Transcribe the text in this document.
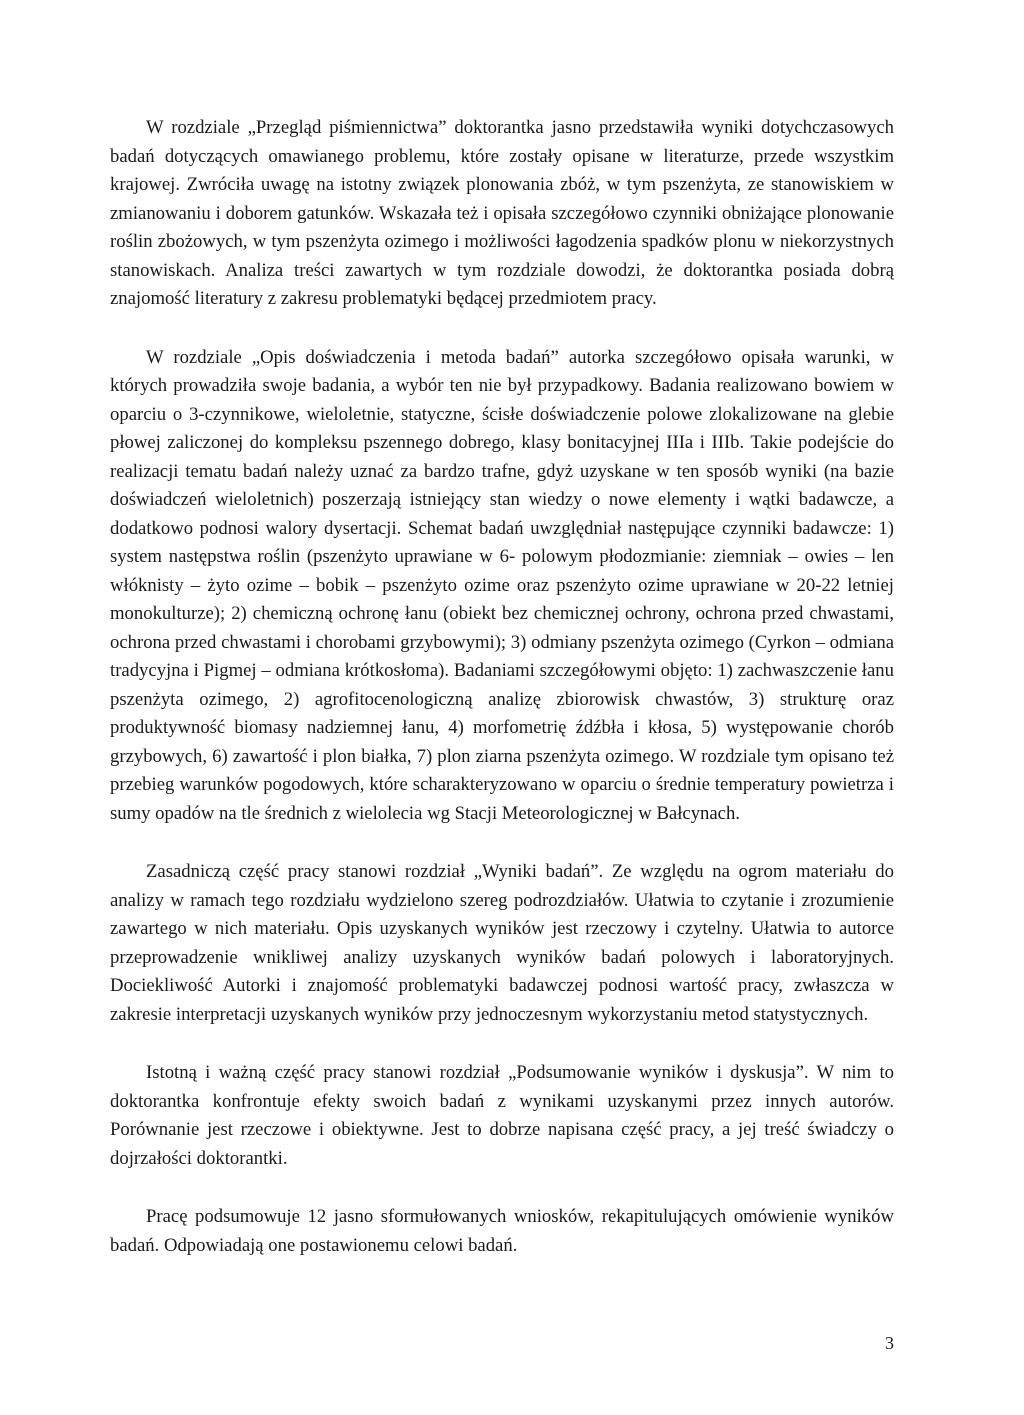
W rozdziale „Przegląd piśmiennictwa” doktorantka jasno przedstawiła wyniki dotychczasowych badań dotyczących omawianego problemu, które zostały opisane w literaturze, przede wszystkim krajowej. Zwróciła uwagę na istotny związek plonowania zbóż, w tym pszenżyta, ze stanowiskiem w zmianowaniu i doborem gatunków. Wskazała też i opisała szczegółowo czynniki obniżające plonowanie roślin zbożowych, w tym pszenżyta ozimego i możliwości łagodzenia spadków plonu w niekorzystnych stanowiskach. Analiza treści zawartych w tym rozdziale dowodzi, że doktorantka posiada dobrą znajomość literatury z zakresu problematyki będącej przedmiotem pracy.

W rozdziale „Opis doświadczenia i metoda badań” autorka szczegółowo opisała warunki, w których prowadziła swoje badania, a wybór ten nie był przypadkowy. Badania realizowano bowiem w oparciu o 3-czynnikowe, wieloletnie, statyczne, ścisłe doświadczenie polowe zlokalizowane na glebie płowej zaliczonej do kompleksu pszennego dobrego, klasy bonitacyjnej IIIa i IIIb. Takie podejście do realizacji tematu badań należy uznać za bardzo trafne, gdyż uzyskane w ten sposób wyniki (na bazie doświadczeń wieloletnich) poszerzają istniejący stan wiedzy o nowe elementy i wątki badawcze, a dodatkowo podnosi walory dysertacji. Schemat badań uwzględniał następujące czynniki badawcze: 1) system następstwa roślin (pszenżyto uprawiane w 6- polowym płodozmianie: ziemniak – owies – len włóknisty – żyto ozime – bobik – pszenżyto ozime oraz pszenżyto ozime uprawiane w 20-22 letniej monokulturze); 2) chemiczną ochronę łanu (obiekt bez chemicznej ochrony, ochrona przed chwastami, ochrona przed chwastami i chorobami grzybowymi); 3) odmiany pszenżyta ozimego (Cyrkon – odmiana tradycyjna i Pigmej – odmiana krótkosłoma). Badaniami szczegółowymi objęto: 1) zachwaszczenie łanu pszenżyta ozimego, 2) agrofitocenologiczną analizę zbiorowisk chwastów, 3) strukturę oraz produktywność biomasy nadziemnej łanu, 4) morfometrię źdźbła i kłosa, 5) występowanie chorób grzybowych, 6) zawartość i plon białka, 7) plon ziarna pszenżyta ozimego. W rozdziale tym opisano też przebieg warunków pogodowych, które scharakteryzowano w oparciu o średnie temperatury powietrza i sumy opadów na tle średnich z wielolecia wg Stacji Meteorologicznej w Bałcynach.

Zasadniczą część pracy stanowi rozdział „Wyniki badań”. Ze względu na ogrom materiału do analizy w ramach tego rozdziału wydzielono szereg podrozdziałów. Ułatwia to czytanie i zrozumienie zawartego w nich materiału. Opis uzyskanych wyników jest rzeczowy i czytelny. Ułatwia to autorce przeprowadzenie wnikliwej analizy uzyskanych wyników badań polowych i laboratoryjnych. Dociekliwość Autorki i znajomość problematyki badawczej podnosi wartość pracy, zwłaszcza w zakresie interpretacji uzyskanych wyników przy jednoczesnym wykorzystaniu metod statystycznych.

Istotną i ważną część pracy stanowi rozdział „Podsumowanie wyników i dyskusja”. W nim to doktorantka konfrontuje efekty swoich badań z wynikami uzyskanymi przez innych autorów. Porównanie jest rzeczowe i obiektywne. Jest to dobrze napisana część pracy, a jej treść świadczy o dojrzałości doktorantki.

Pracę podsumowuje 12 jasno sformułowanych wniosków, rekapitulujących omówienie wyników badań. Odpowiadają one postawionemu celowi badań.

3
